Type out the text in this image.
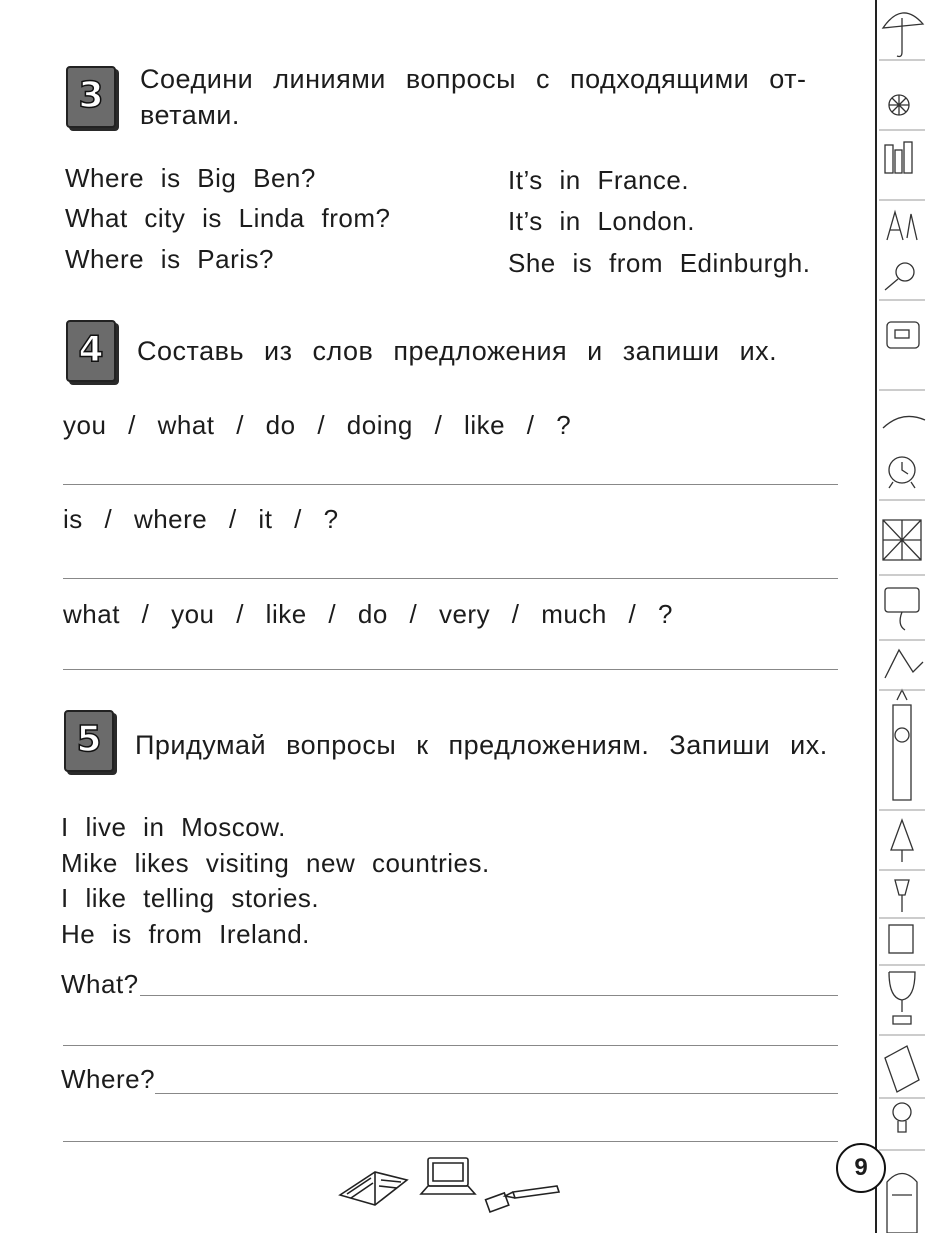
3	Соедини линиями вопросы с подходящими от-
ветами.
Where is Big Ben?
What city is Linda from?
Where is Paris?
It’s in France.
It’s in London.
She is from Edinburgh.
4	Составь из слов предложения и запиши их.
you / what / do / doing / like / ?
is / where / it / ?
what / you / like / do / very / much / ?
5	Придумай вопросы к предложениям. Запиши их.
I live in Moscow.
Mike likes visiting new countries.
I like telling stories.
He is from Ireland.
What?
Where?
9
